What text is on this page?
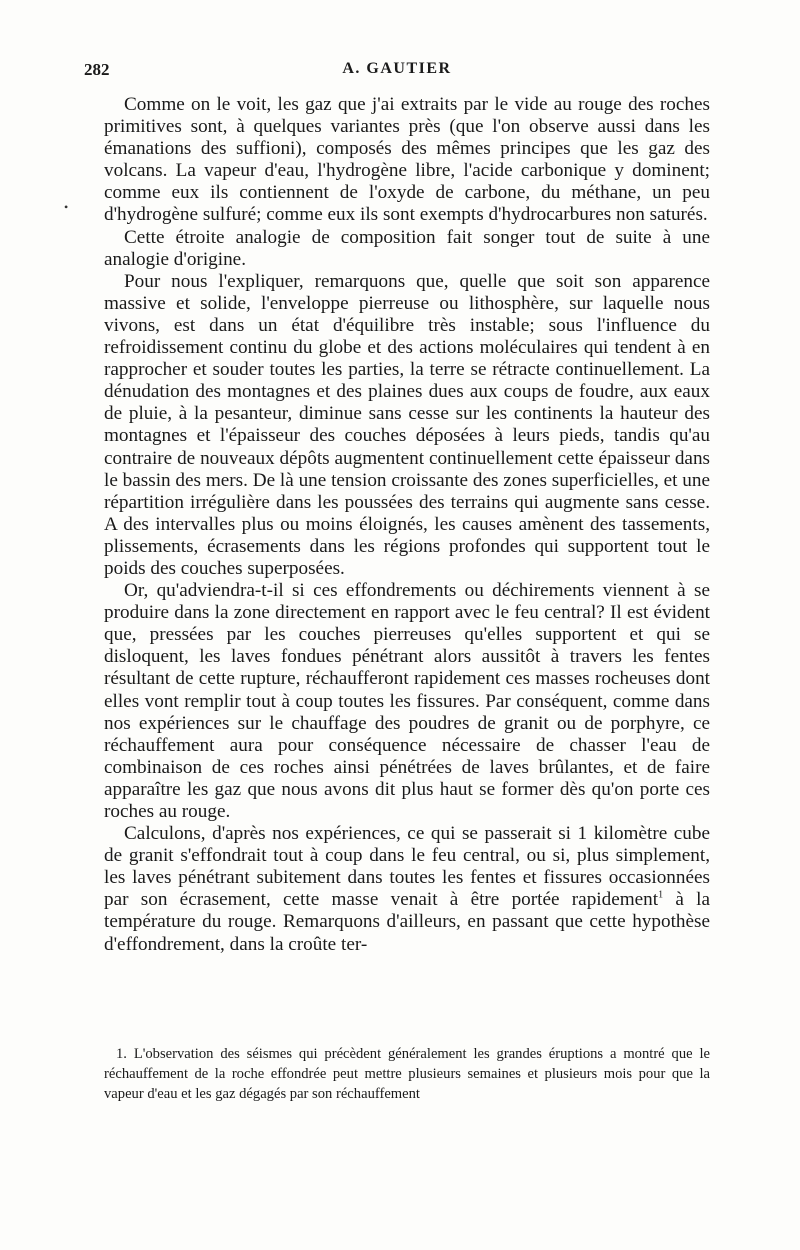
282	A. GAUTIER
•

Comme on le voit, les gaz que j'ai extraits par le vide au rouge des roches primitives sont, à quelques variantes près (que l'on observe aussi dans les émanations des suffioni), composés des mêmes principes que les gaz des volcans. La vapeur d'eau, l'hydrogène libre, l'acide carbonique y dominent; comme eux ils contiennent de l'oxyde de carbone, du méthane, un peu d'hydrogène sulfuré; comme eux ils sont exempts d'hydrocarbures non saturés.

Cette étroite analogie de composition fait songer tout de suite à une analogie d'origine.

Pour nous l'expliquer, remarquons que, quelle que soit son apparence massive et solide, l'enveloppe pierreuse ou lithosphère, sur laquelle nous vivons, est dans un état d'équilibre très instable; sous l'influence du refroidissement continu du globe et des actions moléculaires qui tendent à en rapprocher et souder toutes les parties, la terre se rétracte continuellement. La dénudation des montagnes et des plaines dues aux coups de foudre, aux eaux de pluie, à la pesanteur, diminue sans cesse sur les continents la hauteur des montagnes et l'épaisseur des couches déposées à leurs pieds, tandis qu'au contraire de nouveaux dépôts augmentent continuellement cette épaisseur dans le bassin des mers. De là une tension croissante des zones superficielles, et une répartition irrégulière dans les poussées des terrains qui augmente sans cesse. A des intervalles plus ou moins éloignés, les causes amènent des tassements, plissements, écrasements dans les régions profondes qui supportent tout le poids des couches superposées.

Or, qu'adviendra-t-il si ces effondrements ou déchirements viennent à se produire dans la zone directement en rapport avec le feu central? Il est évident que, pressées par les couches pierreuses qu'elles supportent et qui se disloquent, les laves fondues pénétrant alors aussitôt à travers les fentes résultant de cette rupture, réchaufferont rapidement ces masses rocheuses dont elles vont remplir tout à coup toutes les fissures. Par conséquent, comme dans nos expériences sur le chauffage des poudres de granit ou de porphyre, ce réchauffement aura pour conséquence nécessaire de chasser l'eau de combinaison de ces roches ainsi pénétrées de laves brûlantes, et de faire apparaître les gaz que nous avons dit plus haut se former dès qu'on porte ces roches au rouge.

Calculons, d'après nos expériences, ce qui se passerait si 1 kilomètre cube de granit s'effondrait tout à coup dans le feu central, ou si, plus simplement, les laves pénétrant subitement dans toutes les fentes et fissures occasionnées par son écrasement, cette masse venait à être portée rapidement$^1$ à la température du rouge. Remarquons d'ailleurs, en passant que cette hypothèse d'effondrement, dans la croûte ter-

1. L'observation des séismes qui précèdent généralement les grandes éruptions a montré que le réchauffement de la roche effondrée peut mettre plusieurs semaines et plusieurs mois pour que la vapeur d'eau et les gaz dégagés par son réchauffement
